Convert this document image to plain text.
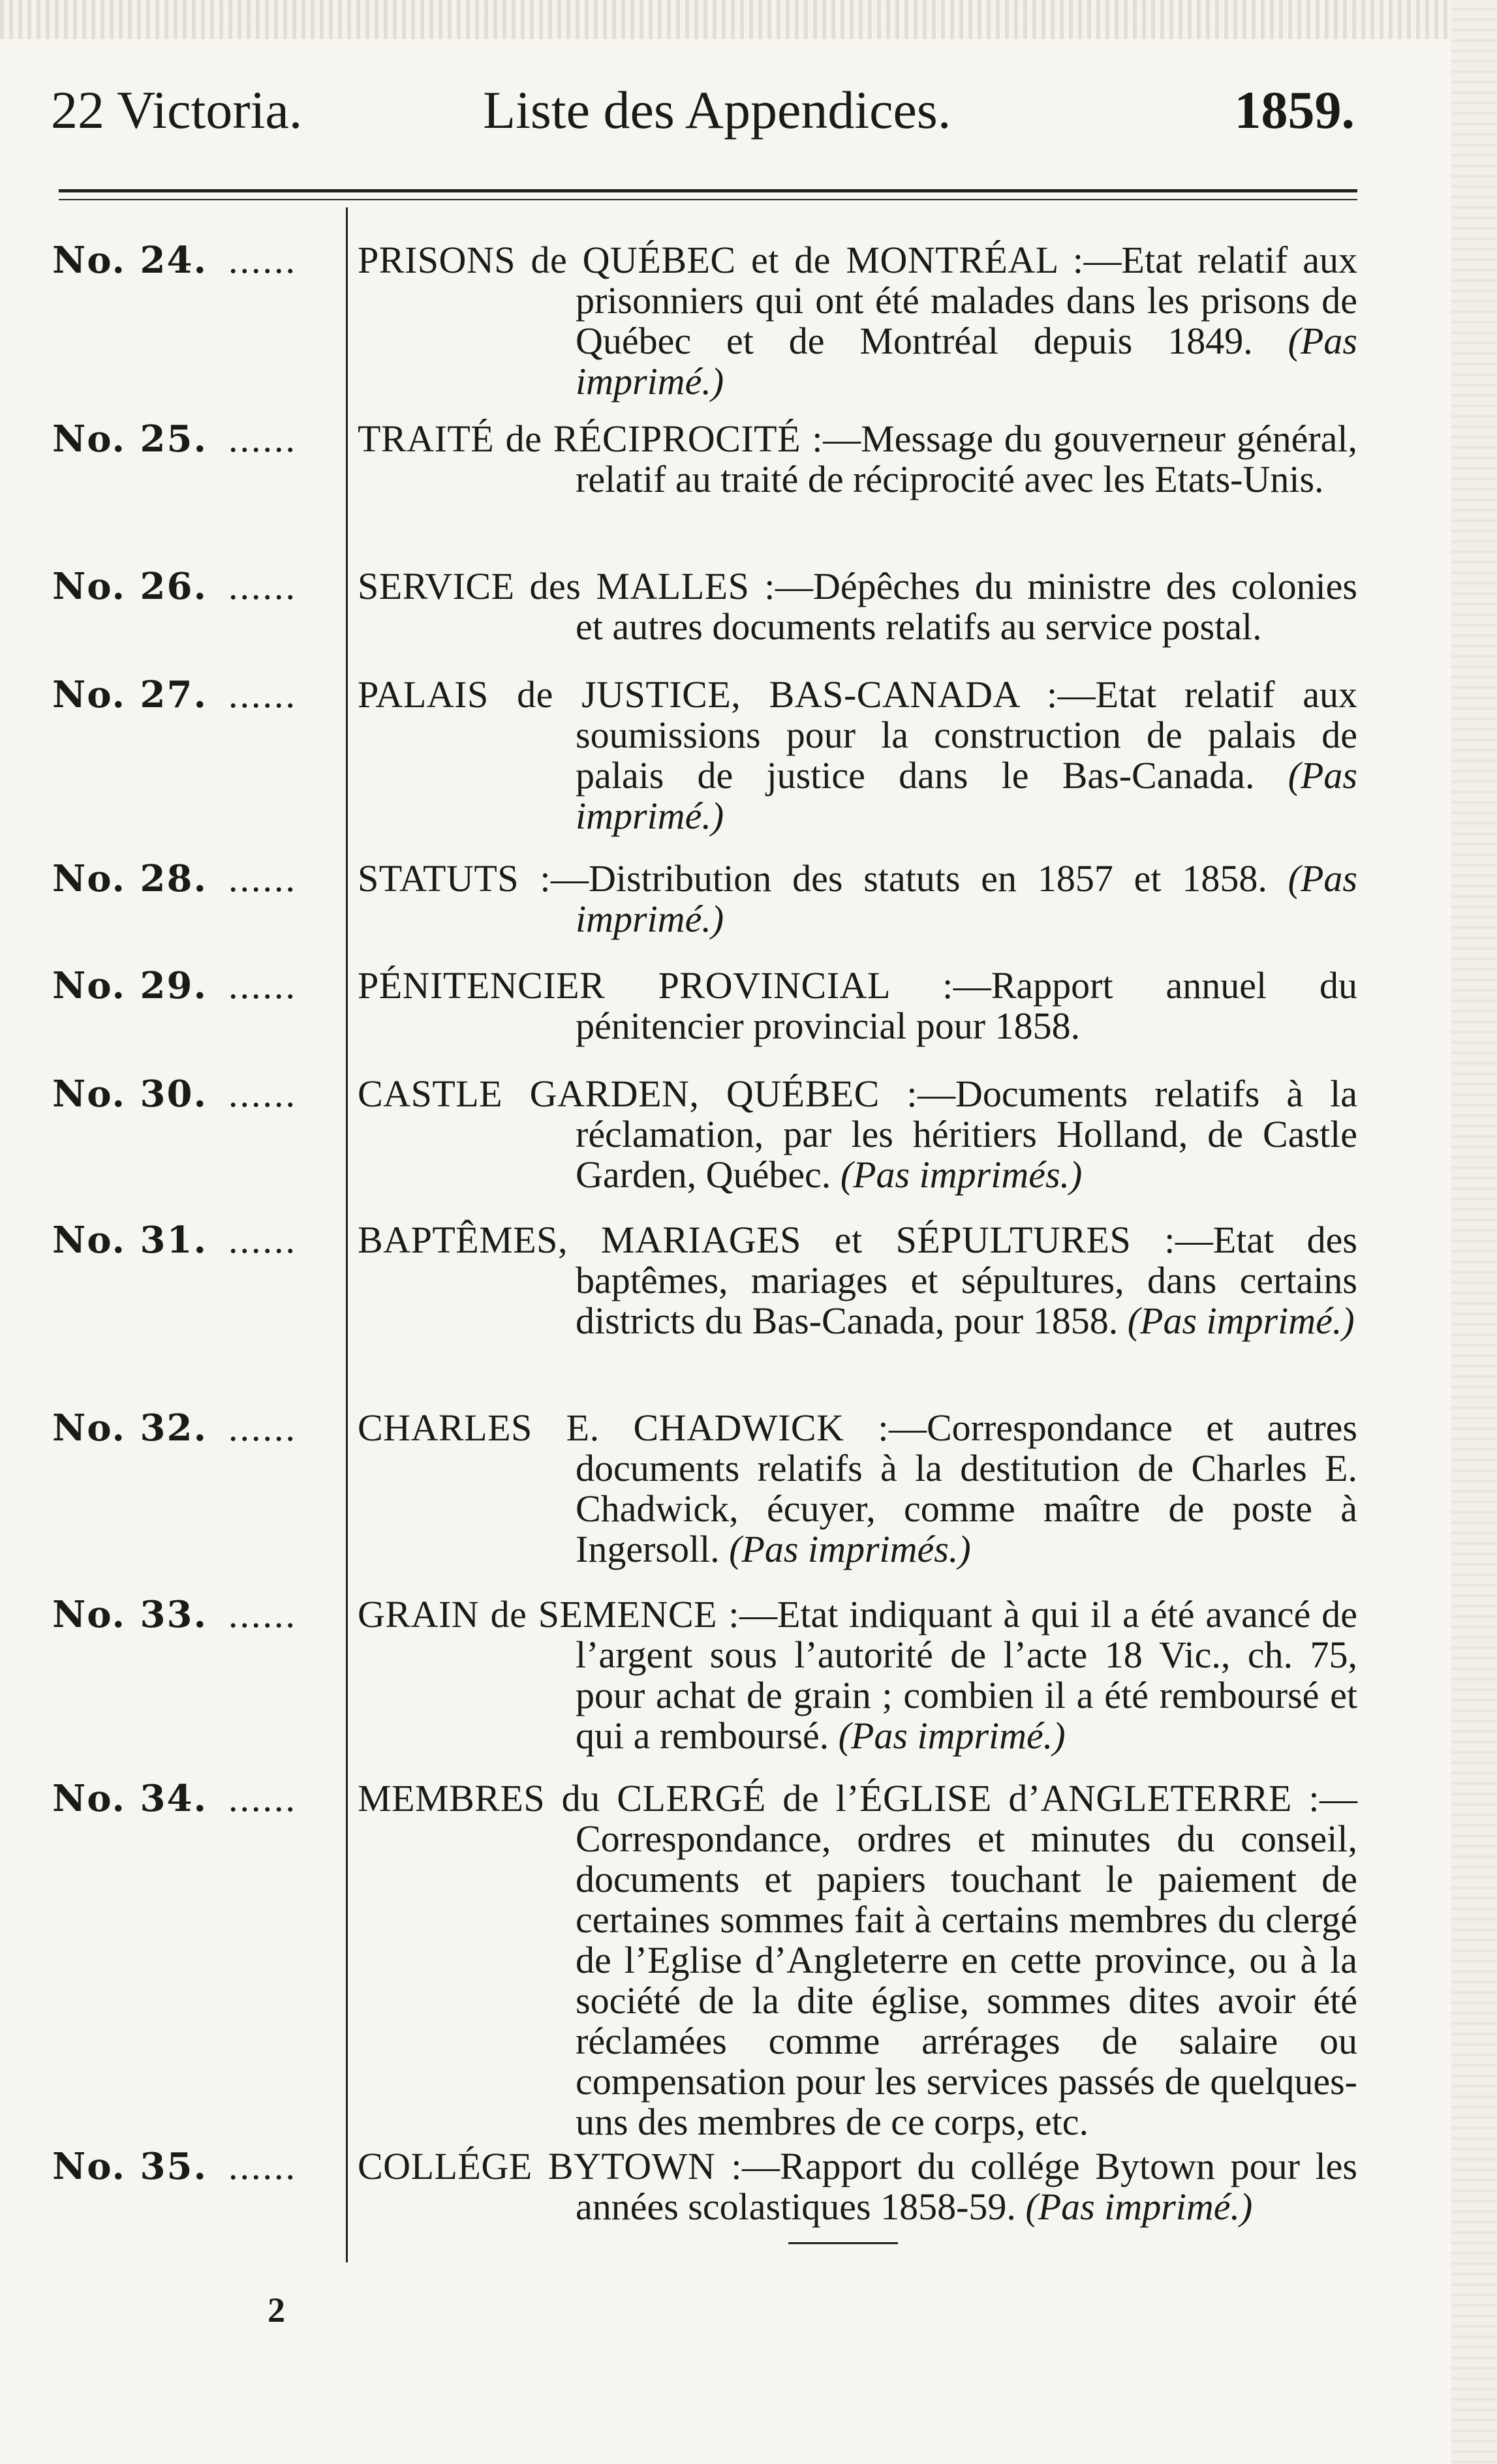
22 Victoria.	Liste des Appendices.	1859.
No. 24. ...... PRISONS de QUÉBEC et de MONTRÉAL :—Etat relatif aux prisonniers qui ont été malades dans les prisons de Québec et de Montréal depuis 1849. (Pas imprimé.)
No. 25. ...... TRAITÉ de RÉCIPROCITÉ :—Message du gouverneur général, relatif au traité de réciprocité avec les Etats-Unis.
No. 26. ...... SERVICE des MALLES :—Dépêches du ministre des colonies et autres documents relatifs au service postal.
No. 27. ...... PALAIS de JUSTICE, BAS-CANADA :—Etat relatif aux soumissions pour la construction de palais de palais de justice dans le Bas-Canada. (Pas imprimé.)
No. 28. ...... STATUTS :—Distribution des statuts en 1857 et 1858. (Pas imprimé.)
No. 29. ...... PÉNITENCIER PROVINCIAL :—Rapport annuel du pénitencier provincial pour 1858.
No. 30. ...... CASTLE GARDEN, QUÉBEC :—Documents relatifs à la réclamation, par les héritiers Holland, de Castle Garden, Québec. (Pas imprimés.)
No. 31. ...... BAPTÊMES, MARIAGES et SÉPULTURES :—Etat des baptêmes, mariages et sépultures, dans certains districts du Bas-Canada, pour 1858. (Pas imprimé.)
No. 32. ...... CHARLES E. CHADWICK :—Correspondance et autres documents relatifs à la destitution de Charles E. Chadwick, écuyer, comme maître de poste à Ingersoll. (Pas imprimés.)
No. 33. ...... GRAIN de SEMENCE :—Etat indiquant à qui il a été avancé de l’argent sous l’autorité de l’acte 18 Vic., ch. 75, pour achat de grain ; combien il a été remboursé et qui a remboursé. (Pas imprimé.)
No. 34. ...... MEMBRES du CLERGÉ de l’ÉGLISE d’ANGLETERRE :—Correspondance, ordres et minutes du conseil, documents et papiers touchant le paiement de certaines sommes fait à certains membres du clergé de l’Eglise d’Angleterre en cette province, ou à la société de la dite église, sommes dites avoir été réclamées comme arrérages de salaire ou compensation pour les services passés de quelques-uns des membres de ce corps, etc.
No. 35. ...... COLLÉGE BYTOWN :—Rapport du collége Bytown pour les années scolastiques 1858-59. (Pas imprimé.)
2
